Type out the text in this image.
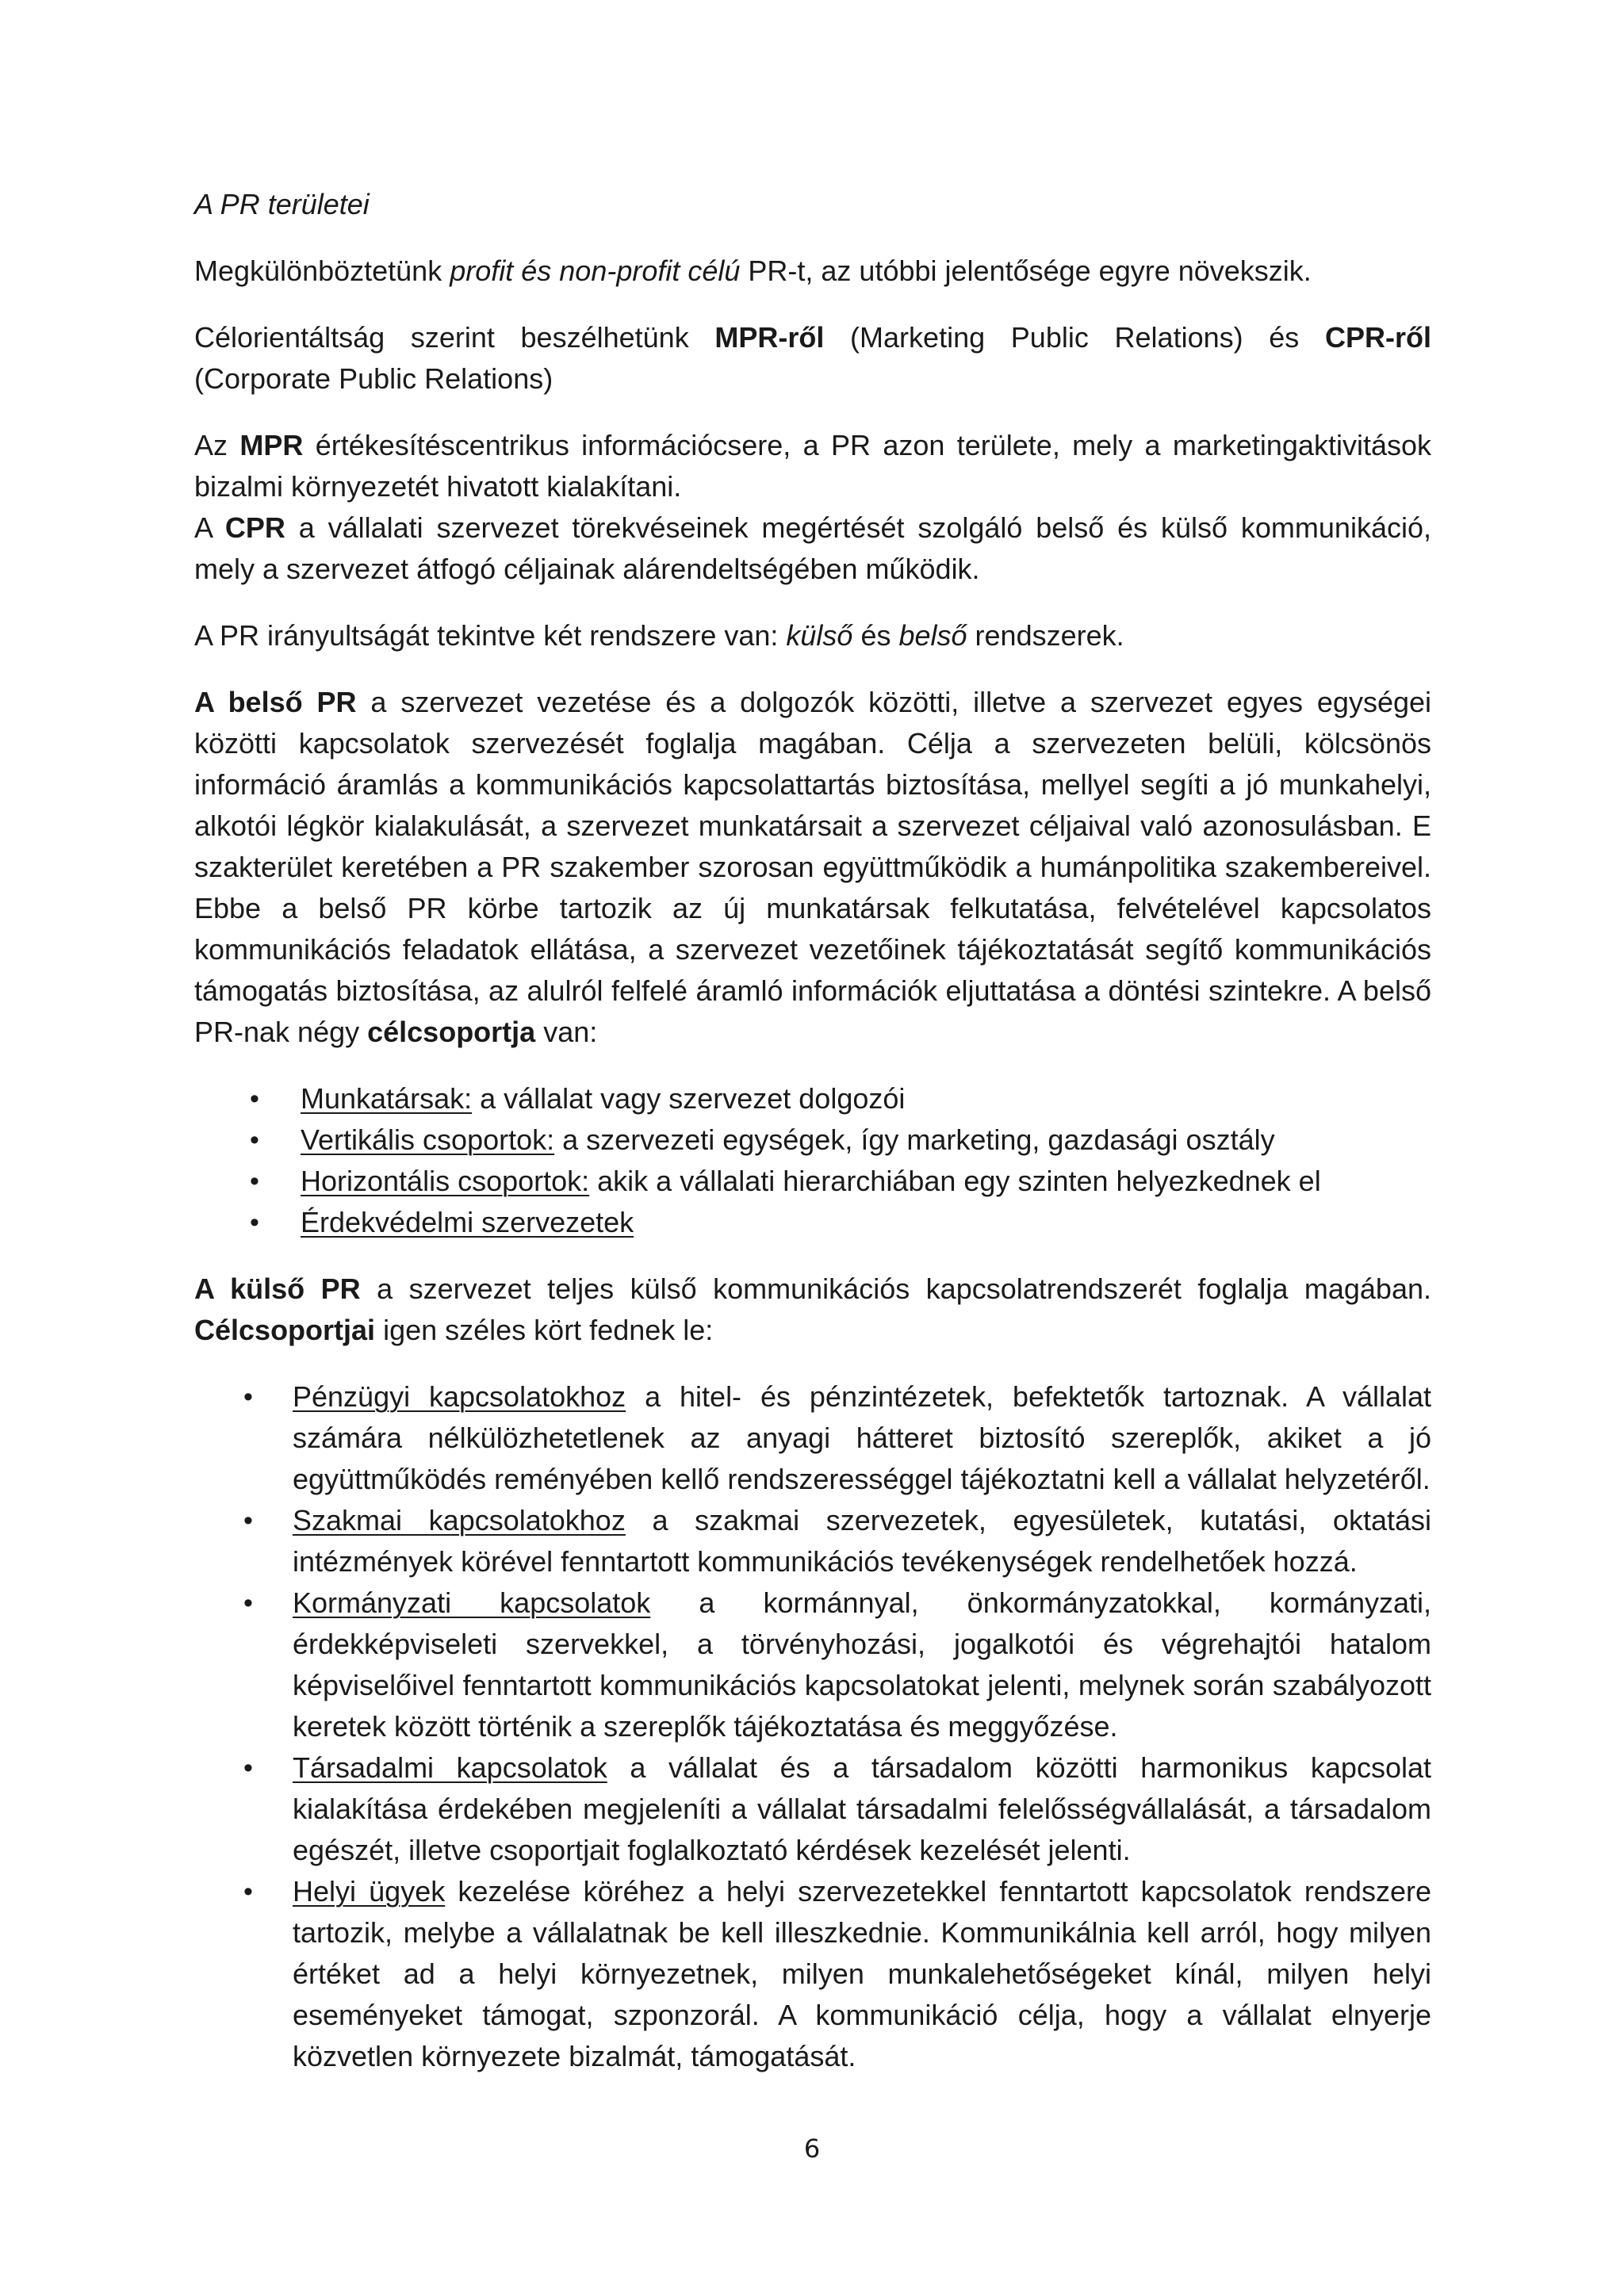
A PR területei

Megkülönböztetünk profit és non-profit célú PR-t, az utóbbi jelentősége egyre növekszik.

Célorientáltság szerint beszélhetünk MPR-ről (Marketing Public Relations) és CPR-ről (Corporate Public Relations)

Az MPR értékesítéscentrikus információcsere, a PR azon területe, mely a marketingaktivitások bizalmi környezetét hivatott kialakítani.

A CPR a vállalati szervezet törekvéseinek megértését szolgáló belső és külső kommunikáció, mely a szervezet átfogó céljainak alárendeltségében működik.

A PR irányultságát tekintve két rendszere van: külső és belső rendszerek.

A belső PR a szervezet vezetése és a dolgozók közötti, illetve a szervezet egyes egységei közötti kapcsolatok szervezését foglalja magában. Célja a szervezeten belüli, kölcsönös információ áramlás a kommunikációs kapcsolattartás biztosítása, mellyel segíti a jó munkahelyi, alkotói légkör kialakulását, a szervezet munkatársait a szervezet céljaival való azonosulásban. E szakterület keretében a PR szakember szorosan együttműködik a humánpolitika szakembereivel. Ebbe a belső PR körbe tartozik az új munkatársak felkutatása, felvételével kapcsolatos kommunikációs feladatok ellátása, a szervezet vezetőinek tájékoztatását segítő kommunikációs támogatás biztosítása, az alulról felfelé áramló információk eljuttatása a döntési szintekre. A belső PR-nak négy célcsoportja van:

• Munkatársak: a vállalat vagy szervezet dolgozói
• Vertikális csoportok: a szervezeti egységek, így marketing, gazdasági osztály
• Horizontális csoportok: akik a vállalati hierarchiában egy szinten helyezkednek el
• Érdekvédelmi szervezetek

A külső PR a szervezet teljes külső kommunikációs kapcsolatrendszerét foglalja magában. Célcsoportjai igen széles kört fednek le:

• Pénzügyi kapcsolatokhoz a hitel- és pénzintézetek, befektetők tartoznak. A vállalat számára nélkülözhetetlenek az anyagi hátteret biztosító szereplők, akiket a jó együttműködés reményében kellő rendszerességgel tájékoztatni kell a vállalat helyzetéről.
• Szakmai kapcsolatokhoz a szakmai szervezetek, egyesületek, kutatási, oktatási intézmények körével fenntartott kommunikációs tevékenységek rendelhetőek hozzá.
• Kormányzati kapcsolatok a kormánnyal, önkormányzatokkal, kormányzati, érdekképviseleti szervekkel, a törvényhozási, jogalkotói és végrehajtói hatalom képviselőivel fenntartott kommunikációs kapcsolatokat jelenti, melynek során szabályozott keretek között történik a szereplők tájékoztatása és meggyőzése.
• Társadalmi kapcsolatok a vállalat és a társadalom közötti harmonikus kapcsolat kialakítása érdekében megjeleníti a vállalat társadalmi felelősségvállalását, a társadalom egészét, illetve csoportjait foglalkoztató kérdések kezelését jelenti.
• Helyi ügyek kezelése köréhez a helyi szervezetekkel fenntartott kapcsolatok rendszere tartozik, melybe a vállalatnak be kell illeszkednie. Kommunikálnia kell arról, hogy milyen értéket ad a helyi környezetnek, milyen munkalehetőségeket kínál, milyen helyi eseményeket támogat, szponzorál. A kommunikáció célja, hogy a vállalat elnyerje közvetlen környezete bizalmát, támogatását.
6
